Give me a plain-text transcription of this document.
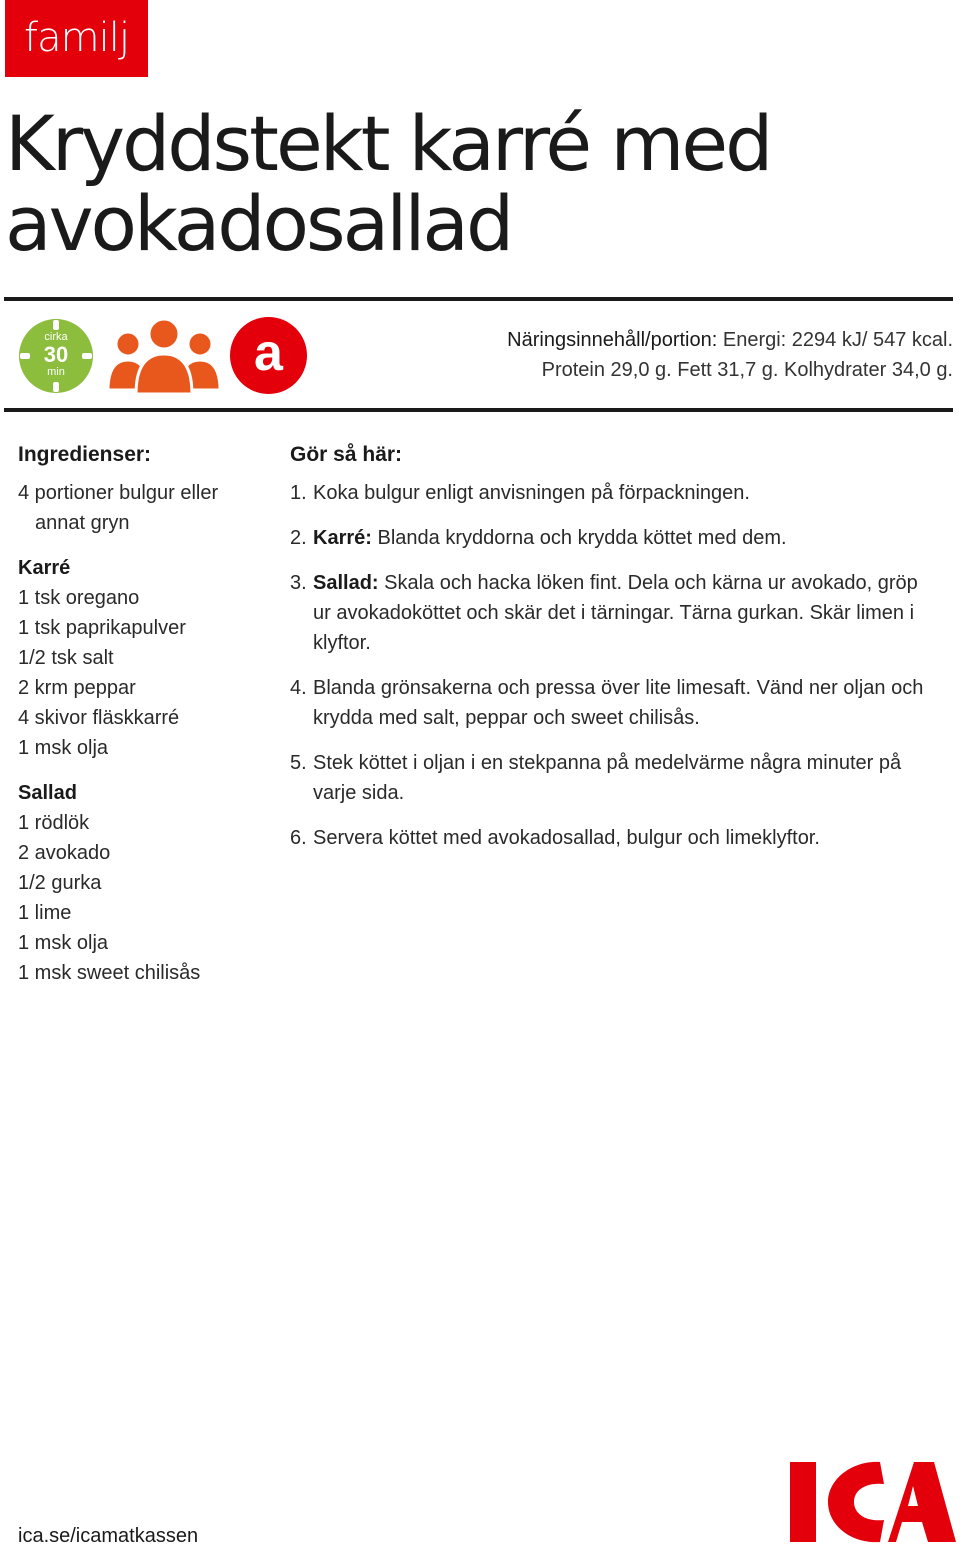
familj
Kryddstekt karré med avokadosallad
cirka
30
min	a	Näringsinnehåll/portion: Energi: 2294 kJ/ 547 kcal.
Protein 29,0 g. Fett 31,7 g. Kolhydrater 34,0 g.
Ingredienser:
4 portioner bulgur eller
annat gryn
Karré
1 tsk oregano
1 tsk paprikapulver
1/2 tsk salt
2 krm peppar
4 skivor fläskkarré
1 msk olja
Sallad
1 rödlök
2 avokado
1/2 gurka
1 lime
1 msk olja
1 msk sweet chilisås
Gör så här:
1. Koka bulgur enligt anvisningen på förpackningen.
2. Karré: Blanda kryddorna och krydda köttet med dem.
3. Sallad: Skala och hacka löken fint. Dela och kärna ur avokado, gröp ur avokadoköttet och skär det i tärningar. Tärna gurkan. Skär limen i klyftor.
4. Blanda grönsakerna och pressa över lite limesaft. Vänd ner oljan och krydda med salt, peppar och sweet chilisås.
5. Stek köttet i oljan i en stekpanna på medelvärme några minuter på varje sida.
6. Servera köttet med avokadosallad, bulgur och limeklyftor.
ica.se/icamatkassen
